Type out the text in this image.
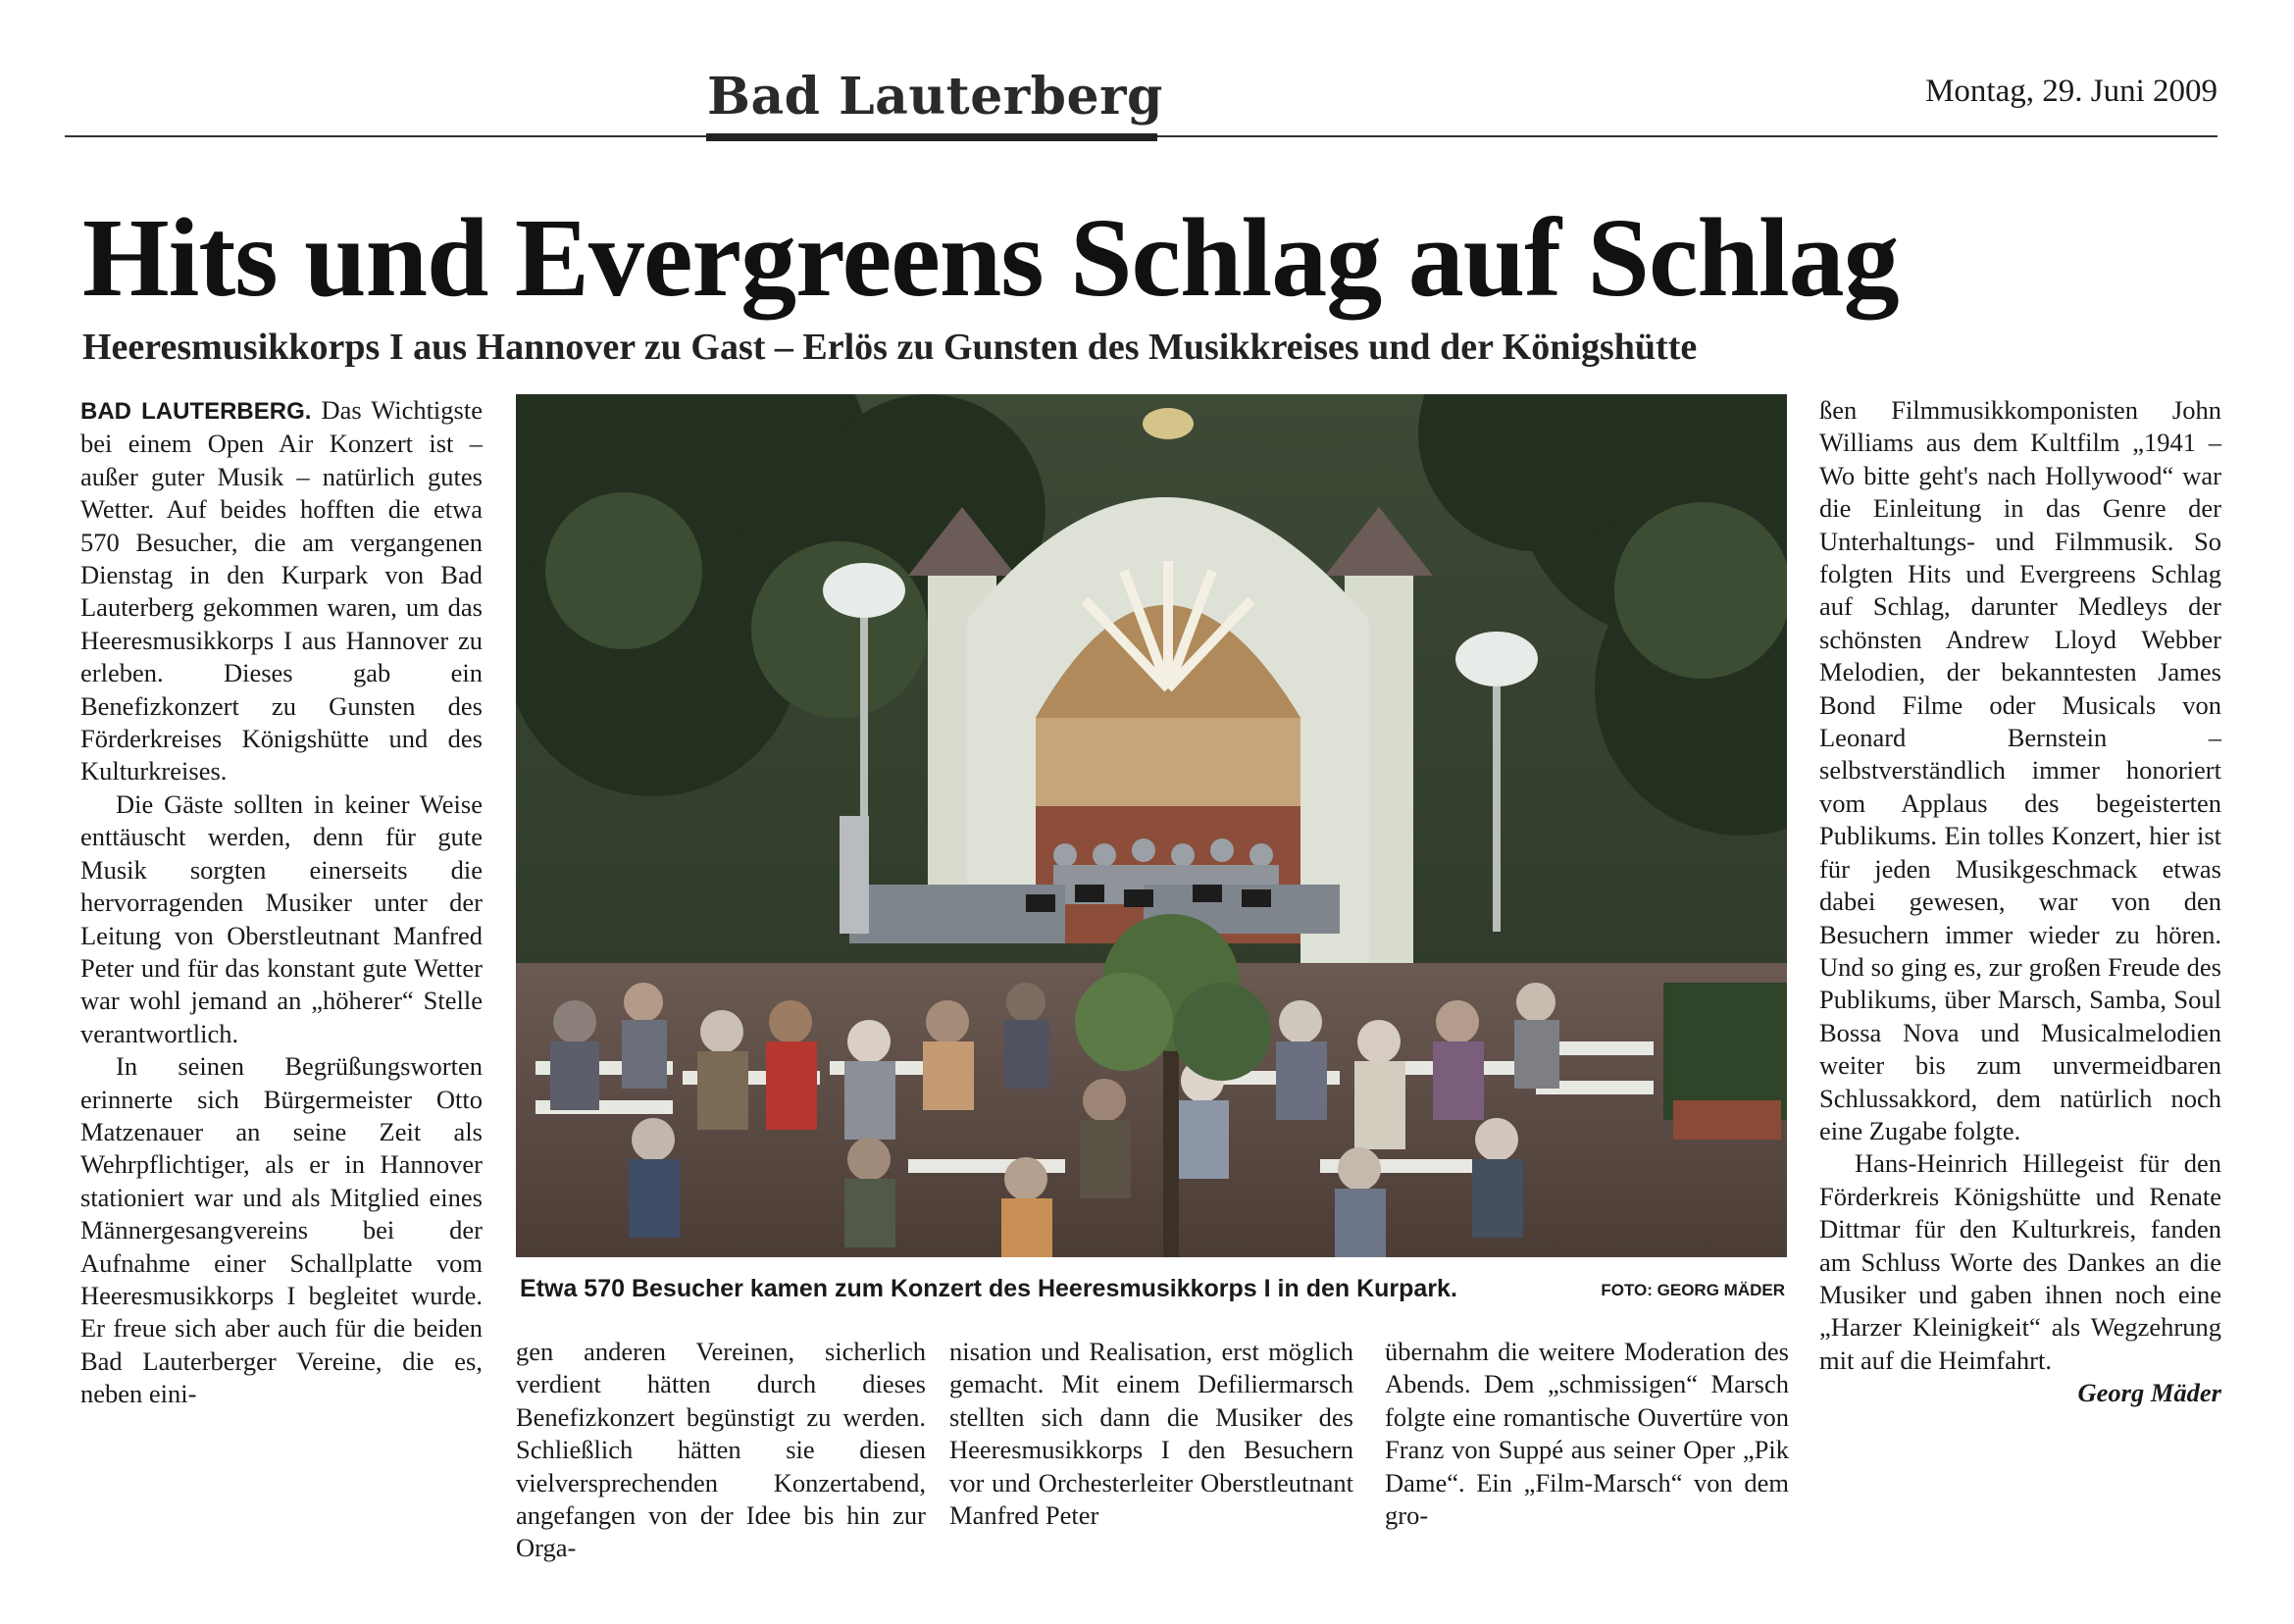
Bad Lauterberg	Montag, 29. Juni 2009
Hits und Evergreens Schlag auf Schlag
Heeresmusikkorps I aus Hannover zu Gast – Erlös zu Gunsten des Musikkreises und der Königshütte

BAD LAUTERBERG. Das Wichtigste bei einem Open Air Konzert ist – außer guter Musik – natürlich gutes Wetter. Auf beides hofften die etwa 570 Besucher, die am vergangenen Dienstag in den Kurpark von Bad Lauterberg gekommen waren, um das Heeresmusikkorps I aus Hannover zu erleben. Dieses gab ein Benefizkonzert zu Gunsten des Förderkreises Königshütte und des Kulturkreises.

Die Gäste sollten in keiner Weise enttäuscht werden, denn für gute Musik sorgten einerseits die hervorragenden Musiker unter der Leitung von Oberstleutnant Manfred Peter und für das konstant gute Wetter war wohl jemand an „höherer“ Stelle verantwortlich.

In seinen Begrüßungsworten erinnerte sich Bürgermeister Otto Matzenauer an seine Zeit als Wehrpflichtiger, als er in Hannover stationiert war und als Mitglied eines Männergesangvereins bei der Aufnahme einer Schallplatte vom Heeresmusikkorps I begleitet wurde. Er freue sich aber auch für die beiden Bad Lauterberger Vereine, die es, neben eini-

Etwa 570 Besucher kamen zum Konzert des Heeresmusikkorps I in den Kurpark.	FOTO: GEORG MÄDER

gen anderen Vereinen, sicherlich verdient hätten durch dieses Benefizkonzert begünstigt zu werden. Schließlich hätten sie diesen vielversprechenden Konzertabend, angefangen von der Idee bis hin zur Orga-

nisation und Realisation, erst möglich gemacht. Mit einem Defiliermarsch stellten sich dann die Musiker des Heeresmusikkorps I den Besuchern vor und Orchesterleiter Oberstleutnant Manfred Peter

übernahm die weitere Moderation des Abends. Dem „schmissigen“ Marsch folgte eine romantische Ouvertüre von Franz von Suppé aus seiner Oper „Pik Dame“. Ein „Film-Marsch“ von dem gro-

ßen Filmmusikkomponisten John Williams aus dem Kultfilm „1941 – Wo bitte geht's nach Hollywood“ war die Einleitung in das Genre der Unterhaltungs- und Filmmusik. So folgten Hits und Evergreens Schlag auf Schlag, darunter Medleys der schönsten Andrew Lloyd Webber Melodien, der bekanntesten James Bond Filme oder Musicals von Leonard Bernstein – selbstverständlich immer honoriert vom Applaus des begeisterten Publikums. Ein tolles Konzert, hier ist für jeden Musikgeschmack etwas dabei gewesen, war von den Besuchern immer wieder zu hören. Und so ging es, zur großen Freude des Publikums, über Marsch, Samba, Soul Bossa Nova und Musicalmelodien weiter bis zum unvermeidbaren Schlussakkord, dem natürlich noch eine Zugabe folgte.

Hans-Heinrich Hillegeist für den Förderkreis Königshütte und Renate Dittmar für den Kulturkreis, fanden am Schluss Worte des Dankes an die Musiker und gaben ihnen noch eine „Harzer Kleinigkeit“ als Wegzehrung mit auf die Heimfahrt.
Georg Mäder
